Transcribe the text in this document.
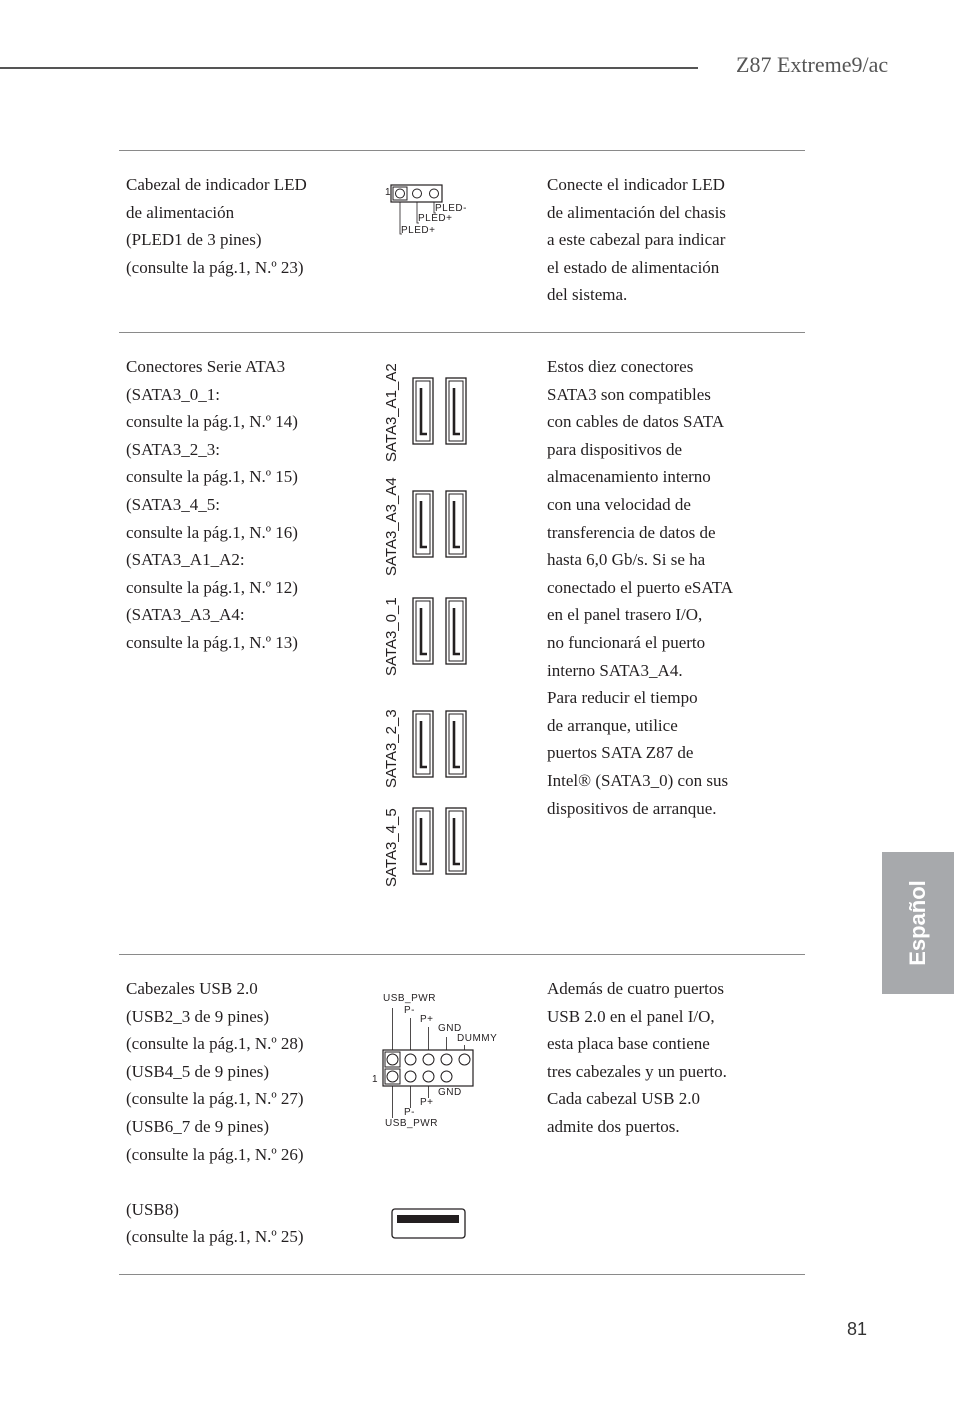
Z87 Extreme9/ac
Cabezal de indicador LED
de alimentación
(PLED1 de 3 pines)
(consulte la pág.1, N.º 23)
Conecte el indicador LED
de alimentación del chasis
a este cabezal para indicar
el estado de alimentación
del sistema.
1
PLED-
PLED+
PLED+
Conectores Serie ATA3
(SATA3_0_1:
consulte la pág.1, N.º 14)
(SATA3_2_3:
consulte la pág.1, N.º 15)
(SATA3_4_5:
consulte la pág.1, N.º 16)
(SATA3_A1_A2:
consulte la pág.1, N.º 12)
(SATA3_A3_A4:
consulte la pág.1, N.º 13)
Estos diez conectores
SATA3 son compatibles
con cables de datos SATA
para dispositivos de
almacenamiento interno
con una velocidad de
transferencia de datos de
hasta 6,0 Gb/s. Si se ha
conectado el puerto eSATA
en el panel trasero I/O,
no funcionará el puerto
interno SATA3_A4.
Para reducir el tiempo
de arranque, utilice
puertos SATA Z87 de
Intel® (SATA3_0) con sus
dispositivos de arranque.
SATA3_A1_A2
SATA3_A3_A4
SATA3_0_1
SATA3_2_3
SATA3_4_5
Cabezales USB 2.0
(USB2_3 de 9 pines)
(consulte la pág.1, N.º 28)
(USB4_5 de 9 pines)
(consulte la pág.1, N.º 27)
(USB6_7 de 9 pines)
(consulte la pág.1, N.º 26)
(USB8)
(consulte la pág.1, N.º 25)
Además de cuatro puertos
USB 2.0 en el panel I/O,
esta placa base contiene
tres cabezales y un puerto.
Cada cabezal USB 2.0
admite dos puertos.
USB_PWR
P-
P+
GND
DUMMY
1
GND
P+
P-
USB_PWR
Español
81
